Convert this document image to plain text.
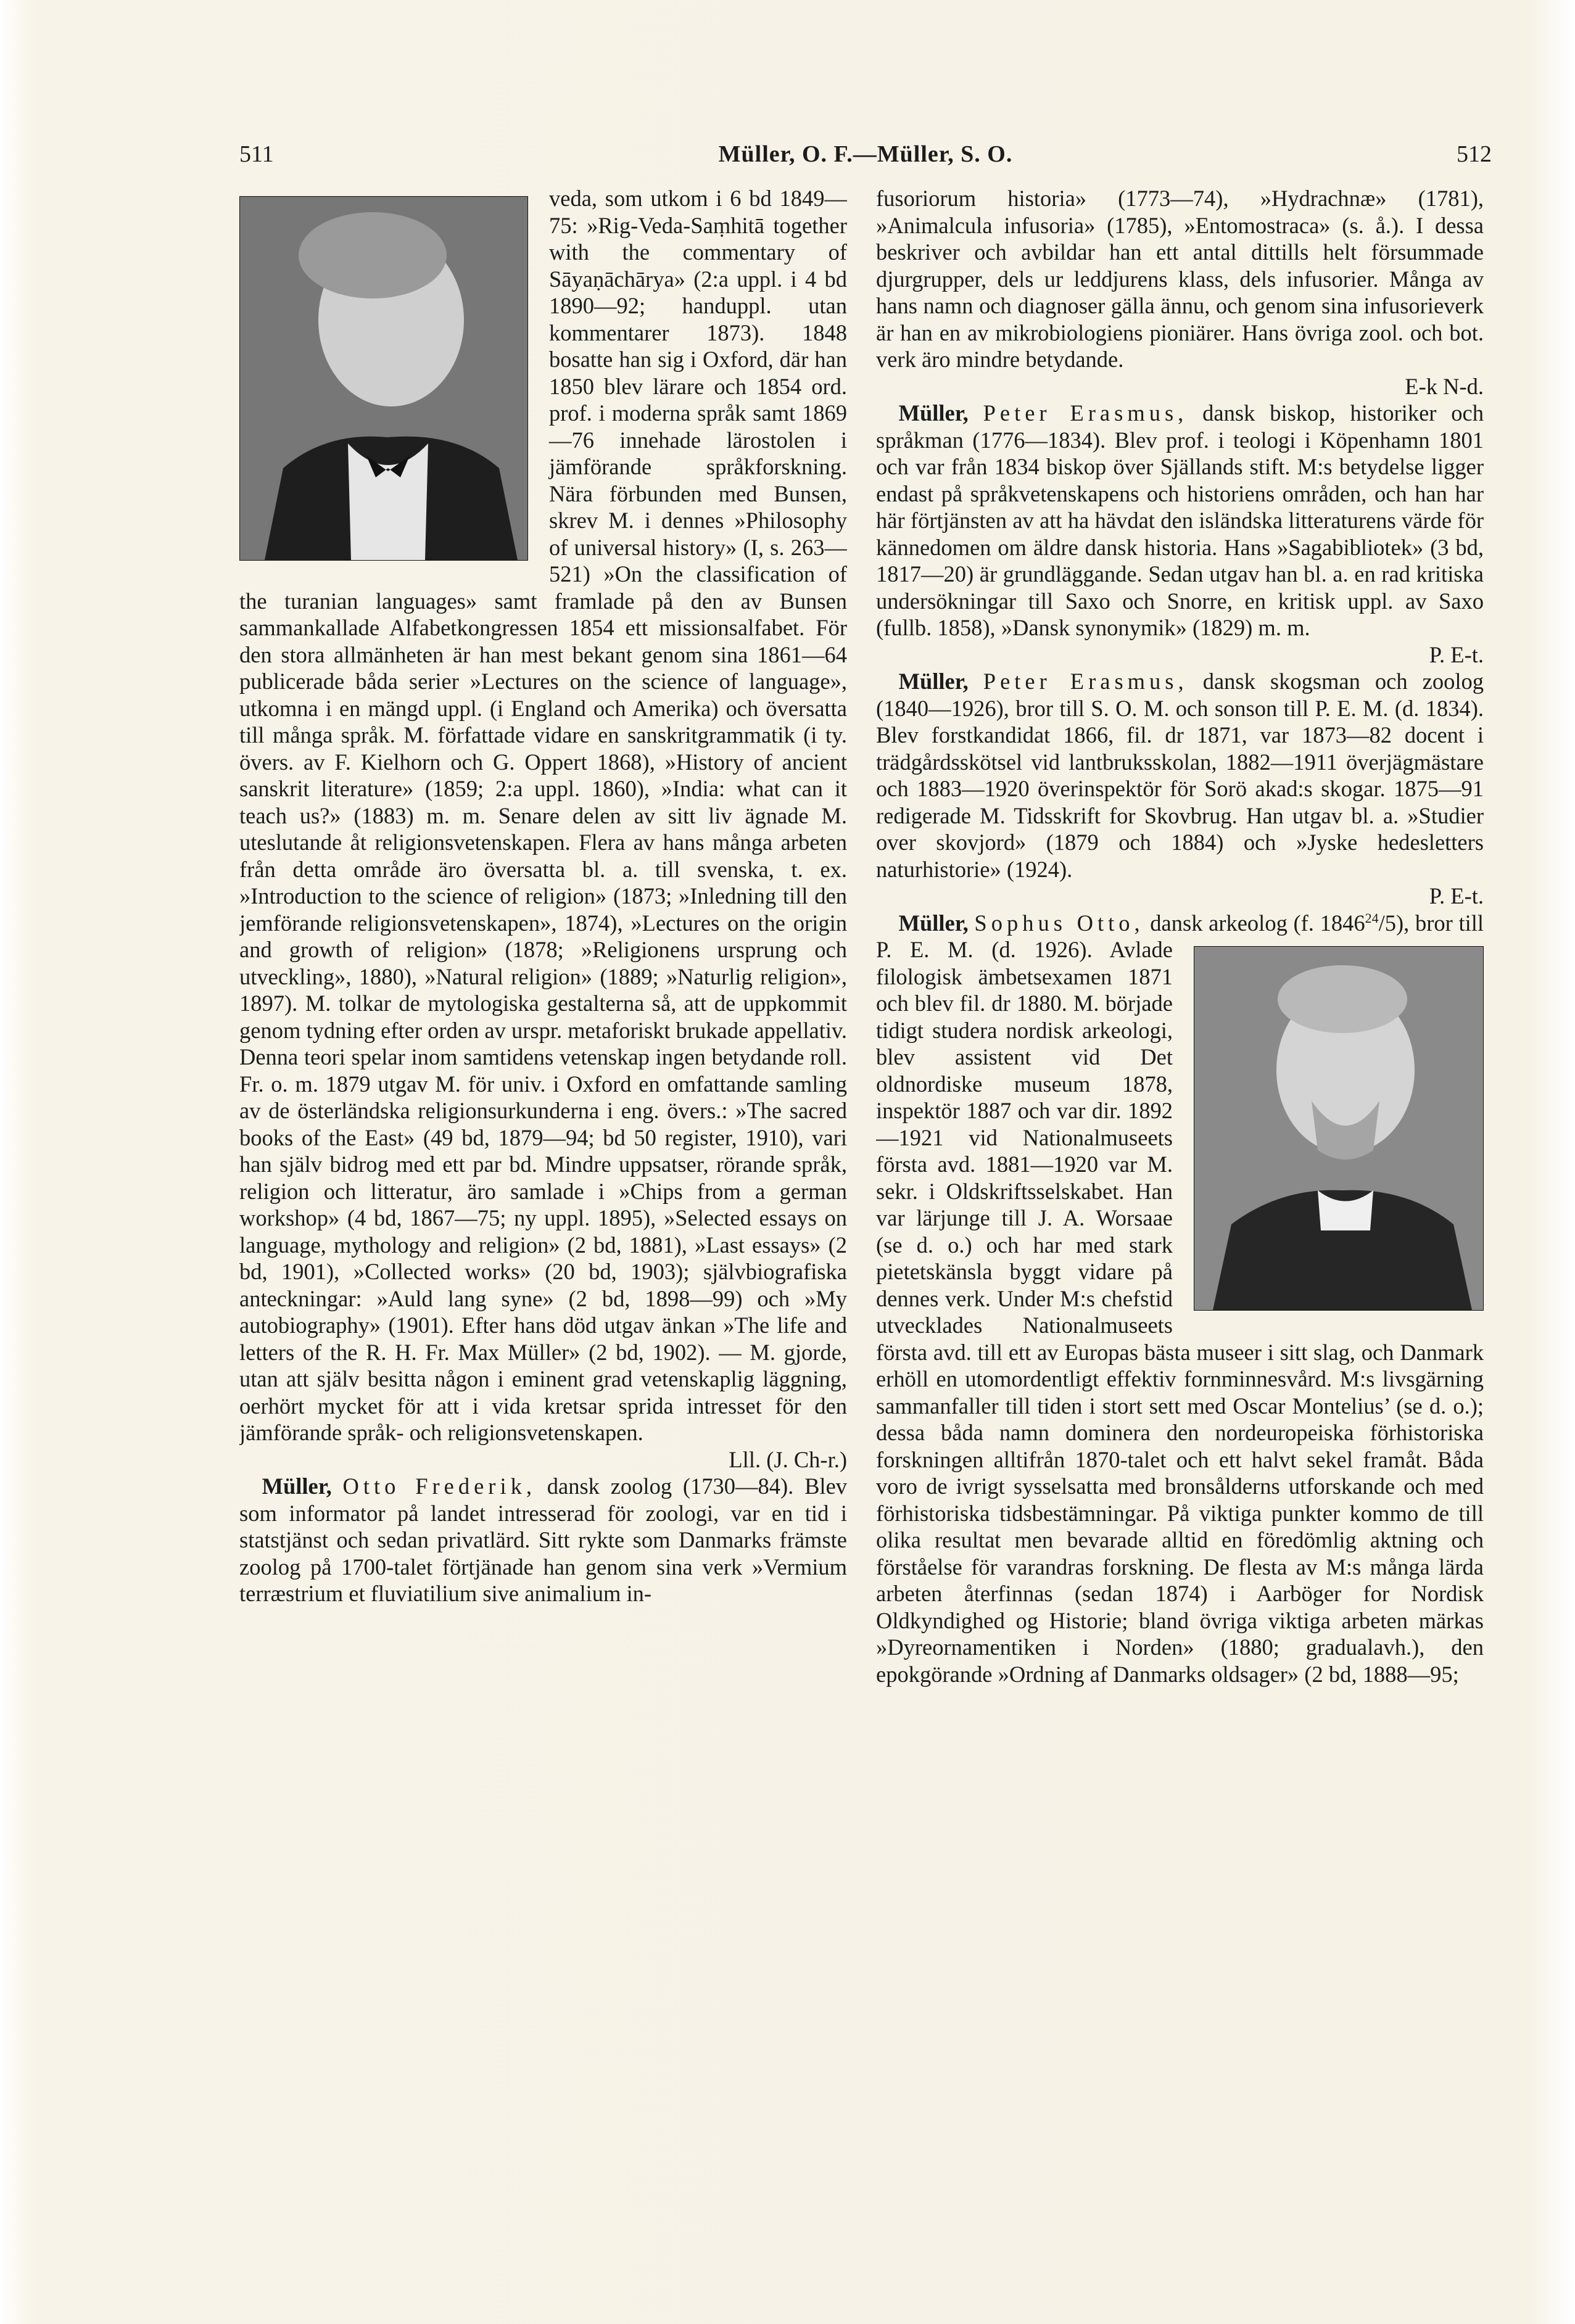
511	Müller, O. F.—Müller, S. O.	512

veda, som utkom i 6 bd 1849—75: »Rig-Veda-Saṃhitā together with the commentary of Sāyaṇāchārya» (2:a uppl. i 4 bd 1890—92; handuppl. utan kommentarer 1873). 1848 bosatte han sig i Oxford, där han 1850 blev lärare och 1854 ord. prof. i moderna språk samt 1869—76 innehade lärostolen i jämförande språkforskning. Nära förbunden med Bunsen, skrev M. i dennes »Philosophy of universal history» (I, s. 263—521) »On the classification of the turanian languages» samt framlade på den av Bunsen sammankallade Alfabetkongressen 1854 ett missionsalfabet. För den stora allmänheten är han mest bekant genom sina 1861—64 publicerade båda serier »Lectures on the science of language», utkomna i en mängd uppl. (i England och Amerika) och översatta till många språk. M. författade vidare en sanskritgrammatik (i ty. övers. av F. Kielhorn och G. Oppert 1868), »History of ancient sanskrit literature» (1859; 2:a uppl. 1860), »India: what can it teach us?» (1883) m. m. Senare delen av sitt liv ägnade M. uteslutande åt religionsvetenskapen. Flera av hans många arbeten från detta område äro översatta bl. a. till svenska, t. ex. »Introduction to the science of religion» (1873; »Inledning till den jemförande religionsvetenskapen», 1874), »Lectures on the origin and growth of religion» (1878; »Religionens ursprung och utveckling», 1880), »Natural religion» (1889; »Naturlig religion», 1897). M. tolkar de mytologiska gestalterna så, att de uppkommit genom tydning efter orden av urspr. metaforiskt brukade appellativ. Denna teori spelar inom samtidens vetenskap ingen betydande roll. Fr. o. m. 1879 utgav M. för univ. i Oxford en omfattande samling av de österländska religionsurkunderna i eng. övers.: »The sacred books of the East» (49 bd, 1879—94; bd 50 register, 1910), vari han själv bidrog med ett par bd. Mindre uppsatser, rörande språk, religion och litteratur, äro samlade i »Chips from a german workshop» (4 bd, 1867—75; ny uppl. 1895), »Selected essays on language, mythology and religion» (2 bd, 1881), »Last essays» (2 bd, 1901), »Collected works» (20 bd, 1903); självbiografiska anteckningar: »Auld lang syne» (2 bd, 1898—99) och »My autobiography» (1901). Efter hans död utgav änkan »The life and letters of the R. H. Fr. Max Müller» (2 bd, 1902). — M. gjorde, utan att själv besitta någon i eminent grad vetenskaplig läggning, oerhört mycket för att i vida kretsar sprida intresset för den jämförande språk- och religionsvetenskapen.
Lll. (J. Ch-r.)

 Müller, Otto Frederik, dansk zoolog (1730—84). Blev som informator på landet intresserad för zoologi, var en tid i statstjänst och sedan privatlärd. Sitt rykte som Danmarks främste zoolog på 1700-talet förtjänade han genom sina verk »Vermium terræstrium et fluviatilium sive animalium in-

fusoriorum historia» (1773—74), »Hydrachnæ» (1781), »Animalcula infusoria» (1785), »Entomostraca» (s. å.). I dessa beskriver och avbildar han ett antal dittills helt försummade djurgrupper, dels ur leddjurens klass, dels infusorier. Många av hans namn och diagnoser gälla ännu, och genom sina infusorieverk är han en av mikrobiologiens pioniärer. Hans övriga zool. och bot. verk äro mindre betydande.
E-k N-d.

 Müller, Peter Erasmus, dansk biskop, historiker och språkman (1776—1834). Blev prof. i teologi i Köpenhamn 1801 och var från 1834 biskop över Själlands stift. M:s betydelse ligger endast på språkvetenskapens och historiens områden, och han har här förtjänsten av att ha hävdat den isländska litteraturens värde för kännedomen om äldre dansk historia. Hans »Sagabibliotek» (3 bd, 1817—20) är grundläggande. Sedan utgav han bl. a. en rad kritiska undersökningar till Saxo och Snorre, en kritisk uppl. av Saxo (fullb. 1858), »Dansk synonymik» (1829) m. m.
P. E-t.

 Müller, Peter Erasmus, dansk skogsman och zoolog (1840—1926), bror till S. O. M. och sonson till P. E. M. (d. 1834). Blev forstkandidat 1866, fil. dr 1871, var 1873—82 docent i trädgårdsskötsel vid lantbruksskolan, 1882—1911 överjägmästare och 1883—1920 överinspektör för Sorö akad:s skogar. 1875—91 redigerade M. Tidsskrift for Skovbrug. Han utgav bl. a. »Studier over skovjord» (1879 och 1884) och »Jyske hedesletters naturhistorie» (1924).
P. E-t.

 Müller, Sophus Otto, dansk arkeolog (f. 1846$^{24}$/5
), bror till P. E. M. (d. 1926). Avlade filologisk ämbetsexamen 1871 och blev fil. dr 1880. M. började tidigt studera nordisk arkeologi, blev assistent vid Det oldnordiske museum 1878, inspektör 1887 och var dir. 1892—1921 vid Nationalmuseets första avd. 1881—1920 var M. sekr. i Oldskriftsselskabet. Han var lärjunge till J. A. Worsaae (se d. o.) och har med stark pietetskänsla byggt vidare på dennes verk. Under M:s chefstid utvecklades Nationalmuseets första avd. till ett av Europas bästa museer i sitt slag, och Danmark erhöll en utomordentligt effektiv fornminnesvård. M:s livsgärning sammanfaller till tiden i stort sett med Oscar Montelius’ (se d. o.); dessa båda namn dominera den nordeuropeiska förhistoriska forskningen alltifrån 1870-talet och ett halvt sekel framåt. Båda voro de ivrigt sysselsatta med bronsålderns utforskande och med förhistoriska tidsbestämningar. På viktiga punkter kommo de till olika resultat men bevarade alltid en föredömlig aktning och förståelse för varandras forskning. De flesta av M:s många lärda arbeten återfinnas (sedan 1874) i Aarböger for Nordisk Oldkyndighed og Historie; bland övriga viktiga arbeten märkas »Dyreornamentiken i Norden» (1880; gradualavh.), den epokgörande »Ordning af Danmarks oldsager» (2 bd, 1888—95;
